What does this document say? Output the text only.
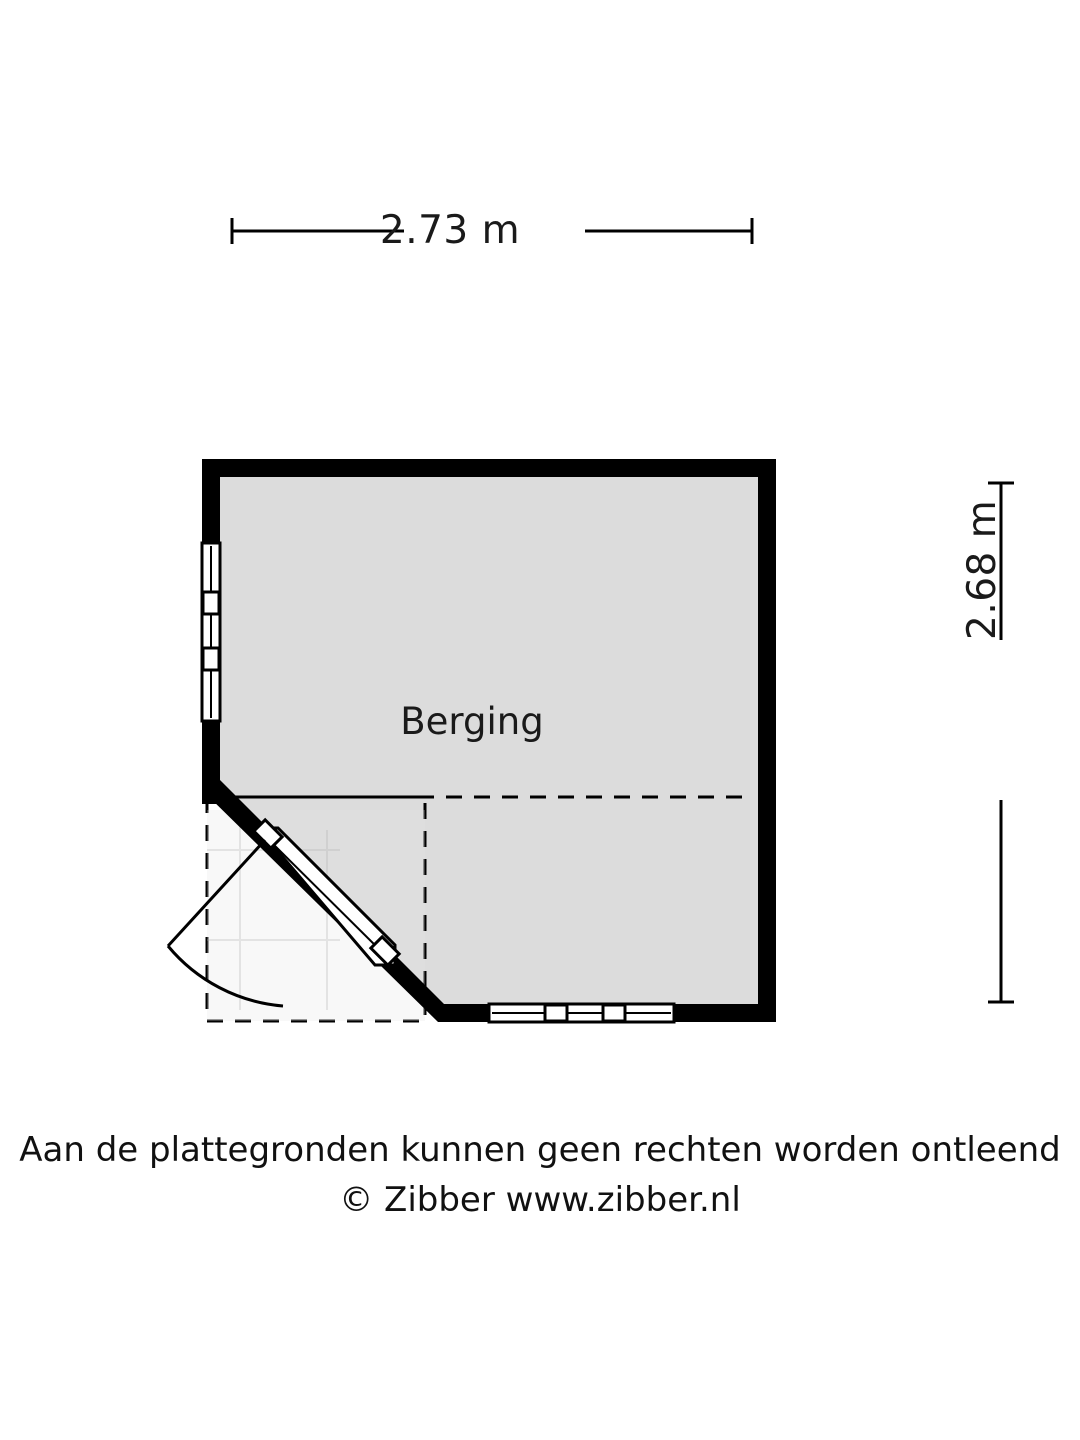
2.73 m
2.68 m
Berging
Aan de plattegronden kunnen geen rechten worden ontleend
© Zibber www.zibber.nl
